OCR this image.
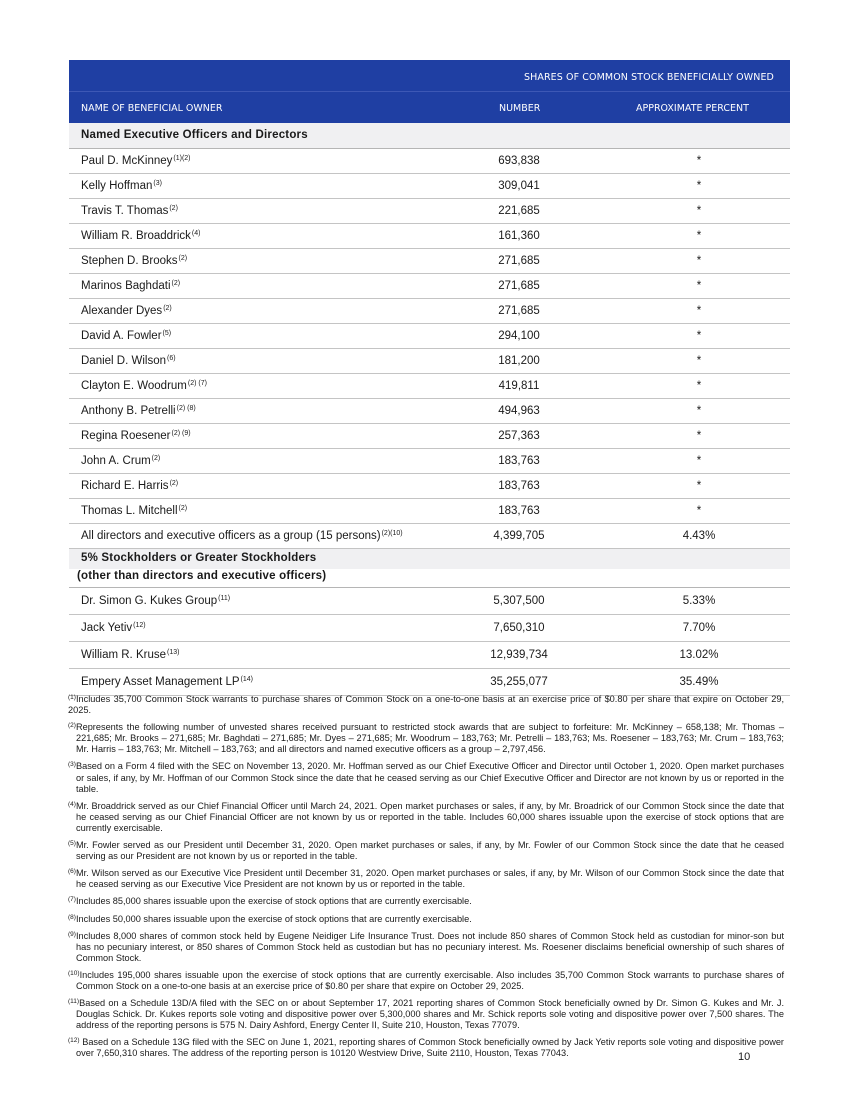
SHARES OF COMMON STOCK BENEFICIALLY OWNED
NAME OF BENEFICIAL OWNER	NUMBER	APPROXIMATE PERCENT
Named Executive Officers and Directors
Paul D. McKinney$^{(1)(2)}$	693,838	*
Kelly Hoffman$^{(3)}$	309,041	*
Travis T. Thomas$^{(2)}$	221,685	*
William R. Broaddrick$^{(4)}$	161,360	*
Stephen D. Brooks$^{(2)}$	271,685	*
Marinos Baghdati$^{(2)}$	271,685	*
Alexander Dyes$^{(2)}$	271,685	*
David A. Fowler$^{(5)}$	294,100	*
Daniel D. Wilson$^{(6)}$	181,200	*
Clayton E. Woodrum$^{(2) (7)}$	419,811	*
Anthony B. Petrelli$^{(2) (8)}$	494,963	*
Regina Roesener$^{(2) (9)}$	257,363	*
John A. Crum$^{(2)}$	183,763	*
Richard E. Harris$^{(2)}$	183,763	*
Thomas L. Mitchell$^{(2)}$	183,763	*
All directors and executive officers as a group (15 persons)$^{(2)(10)}$	4,399,705	4.43%
5% Stockholders or Greater Stockholders
(other than directors and executive officers)
Dr. Simon G. Kukes Group$^{(11)}$	5,307,500	5.33%
Jack Yetiv$^{(12)}$	7,650,310	7.70%
William R. Kruse$^{(13)}$	12,939,734	13.02%
Empery Asset Management LP$^{(14)}$	35,255,077	35.49%

$^{(1)}$Includes 35,700 Common Stock warrants to purchase shares of Common Stock on a one-to-one basis at an exercise price of $0.80 per share that expire on October 29, 2025.

$^{(2)}$Represents the following number of unvested shares received pursuant to restricted stock awards that are subject to forfeiture: Mr. McKinney – 658,138; Mr. Thomas – 221,685; Mr. Brooks – 271,685; Mr. Baghdati – 271,685; Mr. Dyes – 271,685; Mr. Woodrum – 183,763; Mr. Petrelli – 183,763; Ms. Roesener – 183,763; Mr. Crum – 183,763; Mr. Harris – 183,763; Mr. Mitchell – 183,763; and all directors and named executive officers as a group – 2,797,456.

$^{(3)}$Based on a Form 4 filed with the SEC on November 13, 2020. Mr. Hoffman served as our Chief Executive Officer and Director until October 1, 2020. Open market purchases or sales, if any, by Mr. Hoffman of our Common Stock since the date that he ceased serving as our Chief Executive Officer and Director are not known by us or reported in the table.

$^{(4)}$Mr. Broaddrick served as our Chief Financial Officer until March 24, 2021. Open market purchases or sales, if any, by Mr. Broadrick of our Common Stock since the date that he ceased serving as our Chief Financial Officer are not known by us or reported in the table. Includes 60,000 shares issuable upon the exercise of stock options that are currently exercisable.

$^{(5)}$Mr. Fowler served as our President until December 31, 2020. Open market purchases or sales, if any, by Mr. Fowler of our Common Stock since the date that he ceased serving as our President are not known by us or reported in the table.

$^{(6)}$Mr. Wilson served as our Executive Vice President until December 31, 2020. Open market purchases or sales, if any, by Mr. Wilson of our Common Stock since the date that he ceased serving as our Executive Vice President are not known by us or reported in the table.

$^{(7)}$Includes 85,000 shares issuable upon the exercise of stock options that are currently exercisable.

$^{(8)}$Includes 50,000 shares issuable upon the exercise of stock options that are currently exercisable.

$^{(9)}$Includes 8,000 shares of common stock held by Eugene Neidiger Life Insurance Trust. Does not include 850 shares of Common Stock held as custodian for minor-son but has no pecuniary interest, or 850 shares of Common Stock held as custodian but has no pecuniary interest. Ms. Roesener disclaims beneficial ownership of such shares of Common Stock.

$^{(10)}$Includes 195,000 shares issuable upon the exercise of stock options that are currently exercisable. Also includes 35,700 Common Stock warrants to purchase shares of Common Stock on a one-to-one basis at an exercise price of $0.80 per share that expire on October 29, 2025.

$^{(11)}$Based on a Schedule 13D/A filed with the SEC on or about September 17, 2021 reporting shares of Common Stock beneficially owned by Dr. Simon G. Kukes and Mr. J. Douglas Schick. Dr. Kukes reports sole voting and dispositive power over 5,300,000 shares and Mr. Schick reports sole voting and dispositive power over 7,500 shares. The address of the reporting persons is 575 N. Dairy Ashford, Energy Center II, Suite 210, Houston, Texas 77079.

$^{(12)}$ Based on a Schedule 13G filed with the SEC on June 1, 2021, reporting shares of Common Stock beneficially owned by Jack Yetiv reports sole voting and dispositive power over 7,650,310 shares. The address of the reporting person is 10120 Westview Drive, Suite 2110, Houston, Texas 77043.	10
